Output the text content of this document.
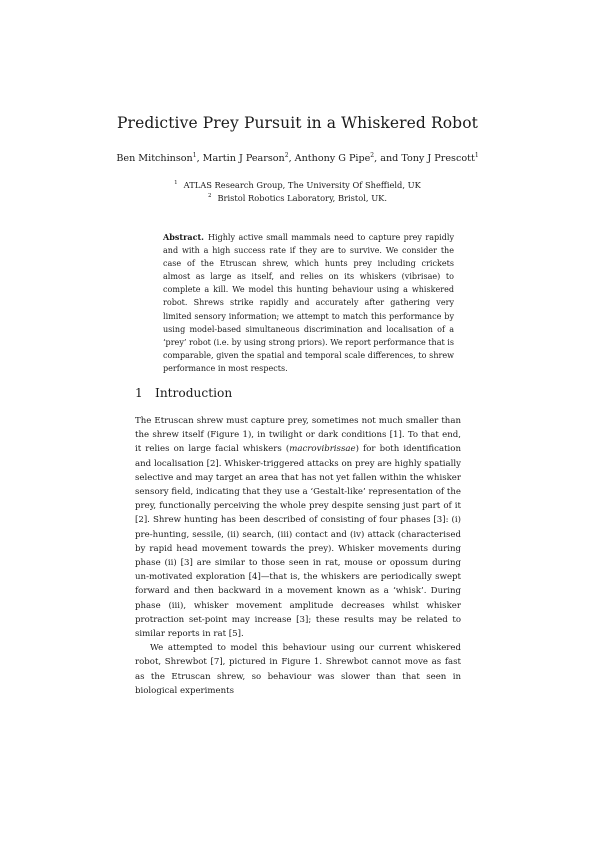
Predictive Prey Pursuit in a Whiskered Robot
Ben Mitchinson$^1$, Martin J Pearson$^2$, Anthony G Pipe$^2$, and Tony J Prescott$^1$
$^1$ ATLAS Research Group, The University Of Sheffield, UK
$^2$ Bristol Robotics Laboratory, Bristol, UK.
Abstract. Highly active small mammals need to capture prey rapidly and with a high success rate if they are to survive. We consider the case of the Etruscan shrew, which hunts prey including crickets almost as large as itself, and relies on its whiskers (vibrisae) to complete a kill. We model this hunting behaviour using a whiskered robot. Shrews strike rapidly and accurately after gathering very limited sensory information; we attempt to match this performance by using model-based simultaneous discrimination and localisation of a ‘prey’ robot (i.e. by using strong priors). We report performance that is comparable, given the spatial and temporal scale differences, to shrew performance in most respects.
1 Introduction

The Etruscan shrew must capture prey, sometimes not much smaller than the shrew itself (Figure 1), in twilight or dark conditions [1]. To that end, it relies on large facial whiskers (macrovibrissae) for both identification and localisation [2]. Whisker-triggered attacks on prey are highly spatially selective and may target an area that has not yet fallen within the whisker sensory field, indicating that they use a ‘Gestalt-like’ representation of the prey, functionally perceiving the whole prey despite sensing just part of it [2]. Shrew hunting has been described of consisting of four phases [3]: (i) pre-hunting, sessile, (ii) search, (iii) contact and (iv) attack (characterised by rapid head movement towards the prey). Whisker movements during phase (ii) [3] are similar to those seen in rat, mouse or opossum during un-motivated exploration [4]—that is, the whiskers are periodically swept forward and then backward in a movement known as a ‘whisk’. During phase (iii), whisker movement amplitude decreases whilst whisker protraction set-point may increase [3]; these results may be related to similar reports in rat [5].

We attempted to model this behaviour using our current whiskered robot, Shrewbot [7], pictured in Figure 1. Shrewbot cannot move as fast as the Etruscan shrew, so behaviour was slower than that seen in biological experiments
